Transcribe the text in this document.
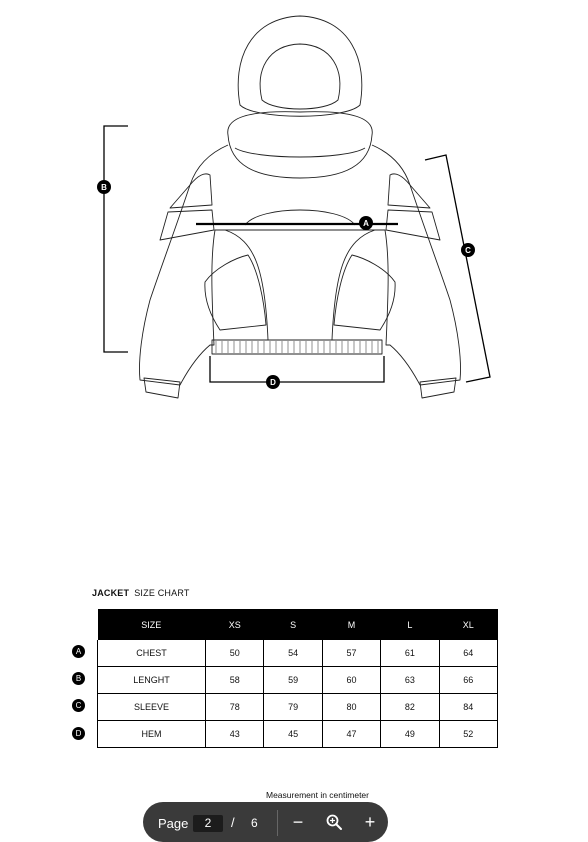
B
A
C
D
JACKET SIZE CHART
SIZE	XS	S	M	L	XL
CHEST	50	54	57	61	64
LENGHT	58	59	60	63	66
SLEEVE	78	79	80	82	84
HEM	43	45	47	49	52
A
B
C
D
Measurement in centimeter
Page	2	/ 6	−	+
